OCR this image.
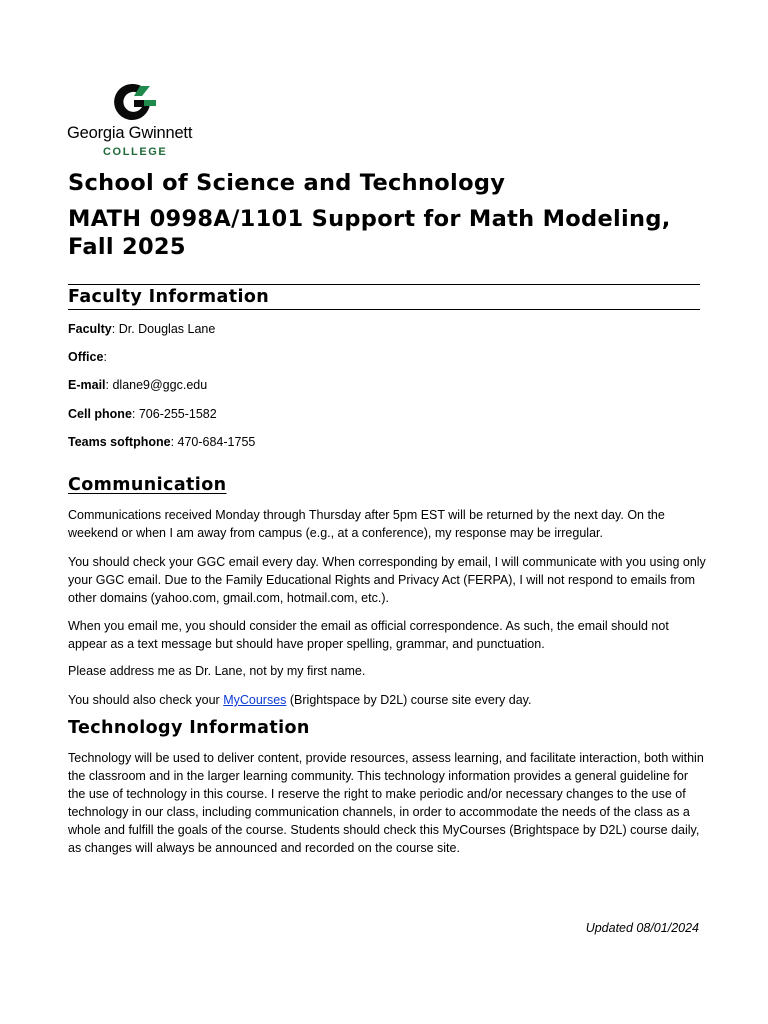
Georgia Gwinnett
COLLEGE
School of Science and Technology
MATH 0998A/1101 Support for Math Modeling, Fall 2025
Faculty Information
Faculty: Dr. Douglas Lane
Office:
E-mail: dlane9@ggc.edu
Cell phone: 706-255-1582
Teams softphone: 470-684-1755
Communication

Communications received Monday through Thursday after 5pm EST will be returned by the next day. On the weekend or when I am away from campus (e.g., at a conference), my response may be irregular.

You should check your GGC email every day. When corresponding by email, I will communicate with you using only your GGC email. Due to the Family Educational Rights and Privacy Act (FERPA), I will not respond to emails from other domains (yahoo.com, gmail.com, hotmail.com, etc.).

When you email me, you should consider the email as official correspondence. As such, the email should not appear as a text message but should have proper spelling, grammar, and punctuation.

Please address me as Dr. Lane, not by my first name.

You should also check your MyCourses (Brightspace by D2L) course site every day.

Technology Information

Technology will be used to deliver content, provide resources, assess learning, and facilitate interaction, both within the classroom and in the larger learning community. This technology information provides a general guideline for the use of technology in this course. I reserve the right to make periodic and/or necessary changes to the use of technology in our class, including communication channels, in order to accommodate the needs of the class as a whole and fulfill the goals of the course. Students should check this MyCourses (Brightspace by D2L) course daily, as changes will always be announced and recorded on the course site.

Updated 08/01/2024
